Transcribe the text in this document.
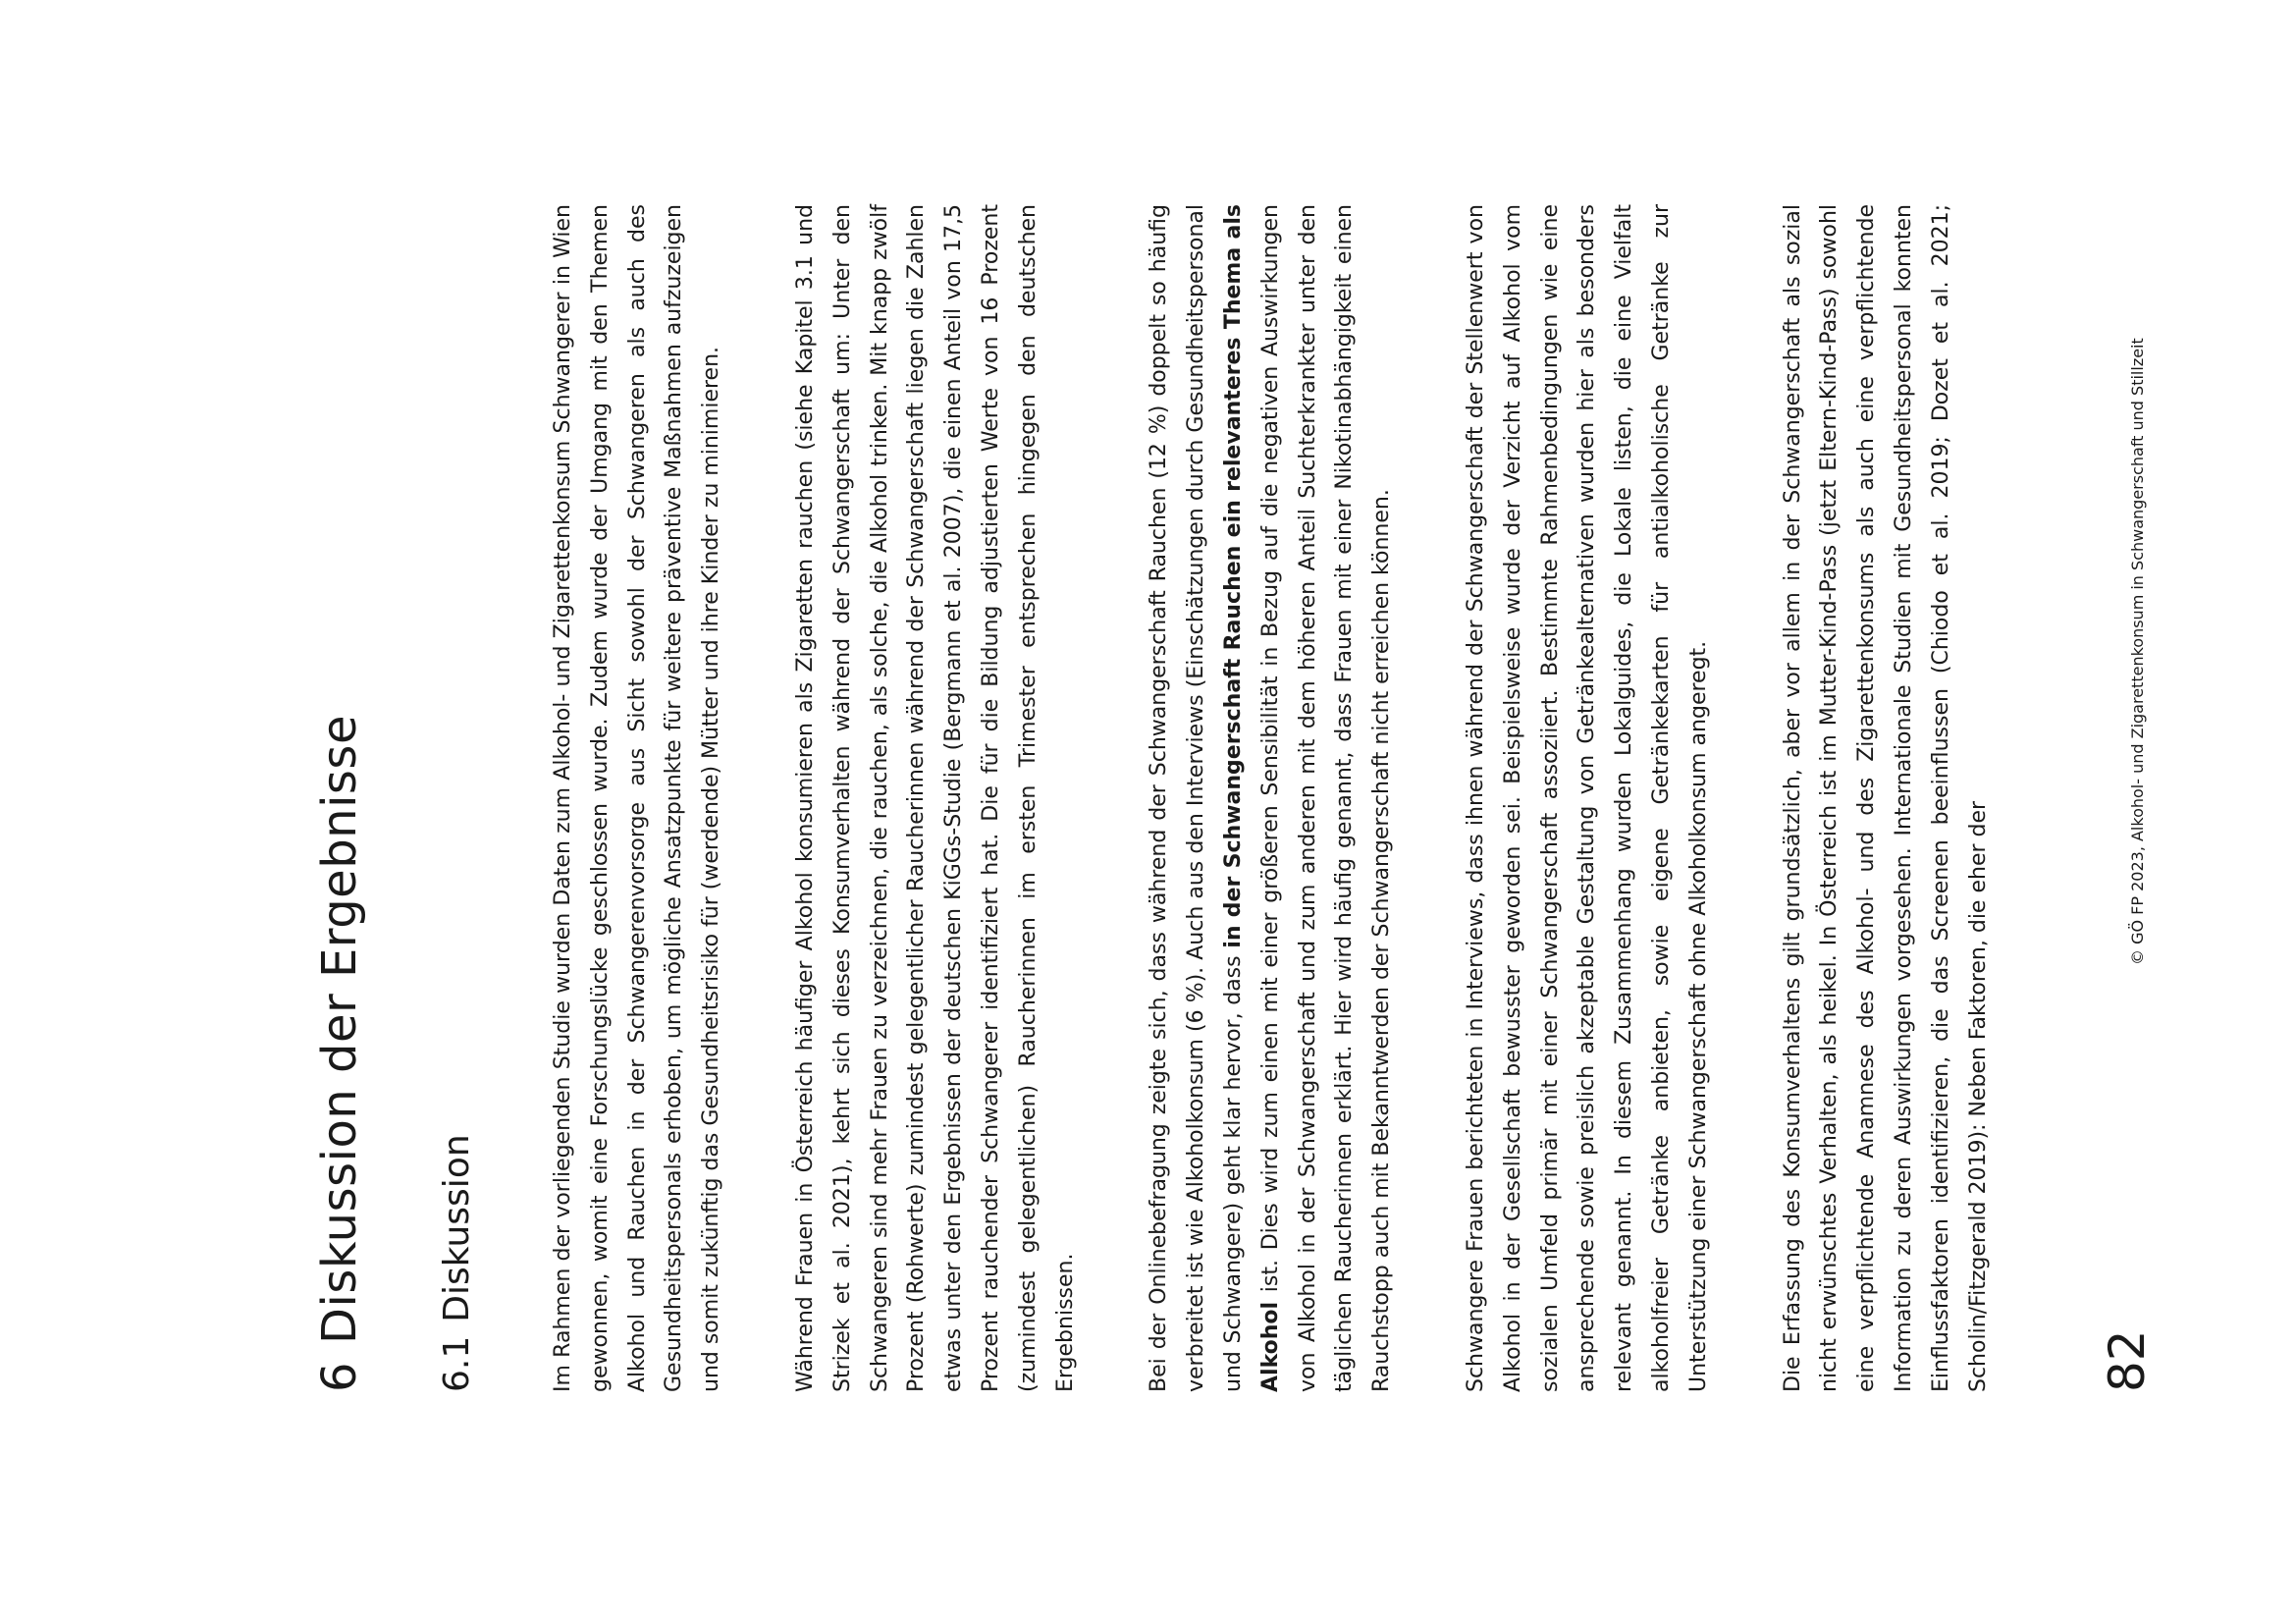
6Diskussion der Ergebnisse
6.1Diskussion	Im Rahmen der vorliegenden Studie wurden Daten zum Alkohol- und Zigarettenkonsum Schwangerer in Wien gewonnen, womit eine Forschungslücke geschlossen wurde. Zudem wurde der Umgang mit den Themen Alkohol und Rauchen in der Schwangerenvorsorge aus Sicht sowohl der Schwangeren als auch des Gesundheitspersonals erhoben, um mögliche Ansatzpunkte für weitere präventive Maßnahmen aufzuzeigen und somit zukünftig das Gesundheitsrisiko für (werdende) Mütter und ihre Kinder zu minimieren.	Während Frauen in Österreich häufiger Alkohol konsumieren als Zigaretten rauchen (siehe Kapitel 3.1 und Strizek et al. 2021), kehrt sich dieses Konsumverhalten während der Schwangerschaft um: Unter den Schwangeren sind mehr Frauen zu verzeichnen, die rauchen, als solche, die Alkohol trinken. Mit knapp zwölf Prozent (Rohwerte) zumindest gelegentlicher Raucherinnen während der Schwangerschaft liegen die Zahlen etwas unter den Ergebnissen der deutschen KiGGs-Studie (Bergmann et al. 2007), die einen Anteil von 17,5 Prozent rauchender Schwangerer identifiziert hat. Die für die Bildung adjustierten Werte von 16 Prozent (zumindest gelegentlichen) Raucherinnen im ersten Trimester entsprechen hingegen den deutschen Ergebnissen.	Bei der Onlinebefragung zeigte sich, dass während der Schwangerschaft Rauchen (12 %) doppelt so häufig verbreitet ist wie Alkoholkonsum (6 %). Auch aus den Interviews (Einschätzungen durch Gesundheitspersonal und Schwangere) geht klar hervor, dass in der Schwangerschaft Rauchen ein relevanteres Thema als Alkohol ist. Dies wird zum einen mit einer größeren Sensibilität in Bezug auf die negativen Auswirkungen von Alkohol in der Schwangerschaft und zum anderen mit dem höheren Anteil Suchterkrankter unter den täglichen Raucherinnen erklärt. Hier wird häufig genannt, dass Frauen mit einer Nikotinabhängigkeit einen Rauchstopp auch mit Bekanntwerden der Schwangerschaft nicht erreichen können.	Schwangere Frauen berichteten in Interviews, dass ihnen während der Schwangerschaft der Stellenwert von Alkohol in der Gesellschaft bewusster geworden sei. Beispielsweise wurde der Verzicht auf Alkohol vom sozialen Umfeld primär mit einer Schwangerschaft assoziiert. Bestimmte Rahmenbedingungen wie eine ansprechende sowie preislich akzeptable Gestaltung von Getränkealternativen wurden hier als besonders relevant genannt. In diesem Zusammenhang wurden Lokalguides, die Lokale listen, die eine Vielfalt alkoholfreier Getränke anbieten, sowie eigene Getränkekarten für antialkoholische Getränke zur Unterstützung einer Schwangerschaft ohne Alkoholkonsum angeregt.	Die Erfassung des Konsumverhaltens gilt grundsätzlich, aber vor allem in der Schwangerschaft als sozial nicht erwünschtes Verhalten, als heikel. In Österreich ist im Mutter-Kind-Pass (jetzt Eltern-Kind-Pass) sowohl eine verpflichtende Anamnese des Alkohol- und des Zigarettenkonsums als auch eine verpflichtende Information zu deren Auswirkungen vorgesehen. Internationale Studien mit Gesundheitspersonal konnten Einflussfaktoren identifizieren, die das Screenen beeinflussen (Chiodo et al. 2019; Dozet et al. 2021; Scholin/Fitzgerald 2019): Neben Faktoren, die eher der 82
© GÖ FP 2023, Alkohol- und Zigarettenkonsum in Schwangerschaft und Stillzeit
